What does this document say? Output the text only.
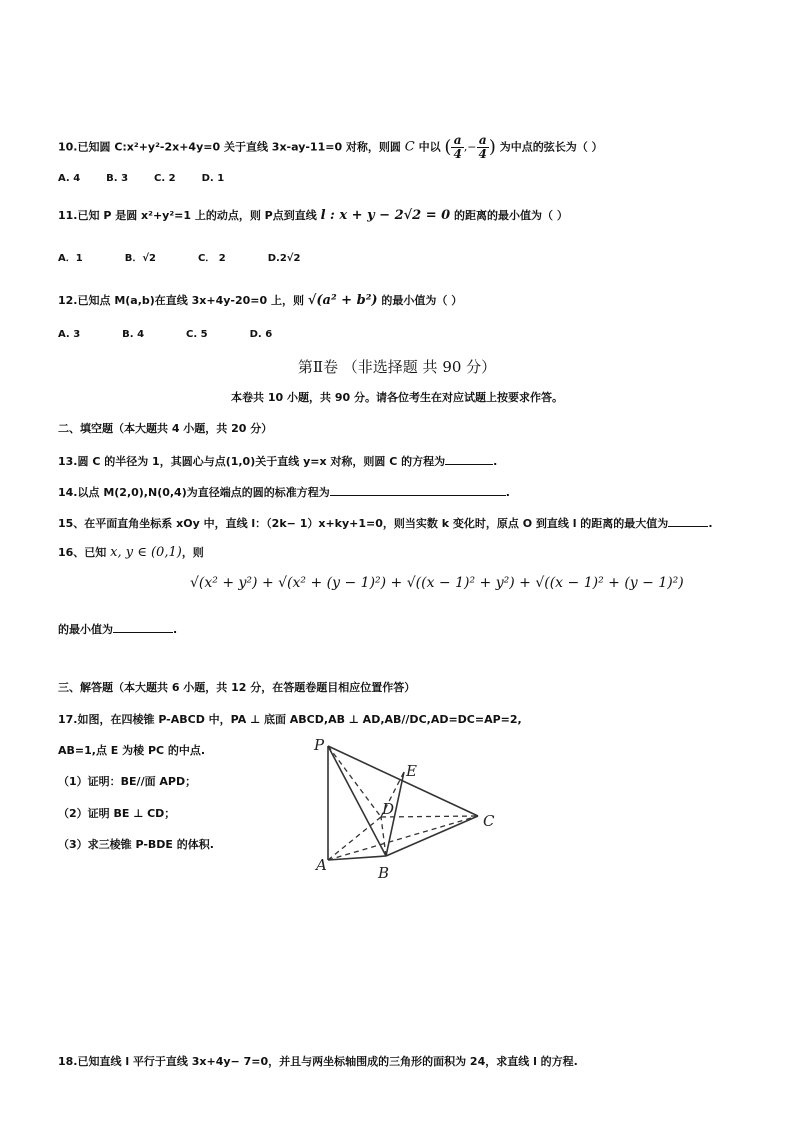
10.已知圆 C:x²+y²-2x+4y=0 关于直线 3x-ay-11=0 对称，则圆 C 中以 ( $\frac{a}{4}$ ,− $\frac{a}{4}$ ) 为中点的弦长为（ ）
A. 4	B. 3	C. 2	D. 1
11.已知 P 是圆 x²+y²=1 上的动点，则 P点到直线 l : x + y − 2√2 = 0 的距离的最小值为（ ）
A．1	B．√2	C． 2	D.2√2
12.已知点 M(a,b)在直线 3x+4y-20=0 上，则 √(a² + b²) 的最小值为（ ）
A. 3	B. 4	C. 5	D. 6
第Ⅱ卷 （非选择题 共 90 分）
本卷共 10 小题，共 90 分。请各位考生在对应试题上按要求作答。
二、填空题（本大题共 4 小题，共 20 分）
13.圆 C 的半径为 1，其圆心与点(1,0)关于直线 y=x 对称，则圆 C 的方程为	.
14.以点 M(2,0),N(0,4)为直径端点的圆的标准方程为	.
15、在平面直角坐标系 xOy 中，直线 l：（2k− 1）x+ky+1=0，则当实数 k 变化时，原点 O 到直线 l 的距离的最大值为	.
16、已知 x, y ∈ (0,1)，则
√(x² + y²) + √(x² + (y − 1)²) + √((x − 1)² + y²) + √((x − 1)² + (y − 1)²)
的最小值为	.
三、解答题（本大题共 6 小题，共 12 分，在答题卷题目相应位置作答）
17.如图，在四棱锥 P-ABCD 中，PA ⊥ 底面 ABCD,AB ⊥ AD,AB//DC,AD=DC=AP=2,
AB=1,点 E 为棱 PC 的中点.
（1）证明：BE//面 APD；
（2）证明 BE ⊥ CD；
（3）求三棱锥 P-BDE 的体积.
P
E
D
C
A	B
18.已知直线 l 平行于直线 3x+4y− 7=0，并且与两坐标轴围成的三角形的面积为 24，求直线 l 的方程.
